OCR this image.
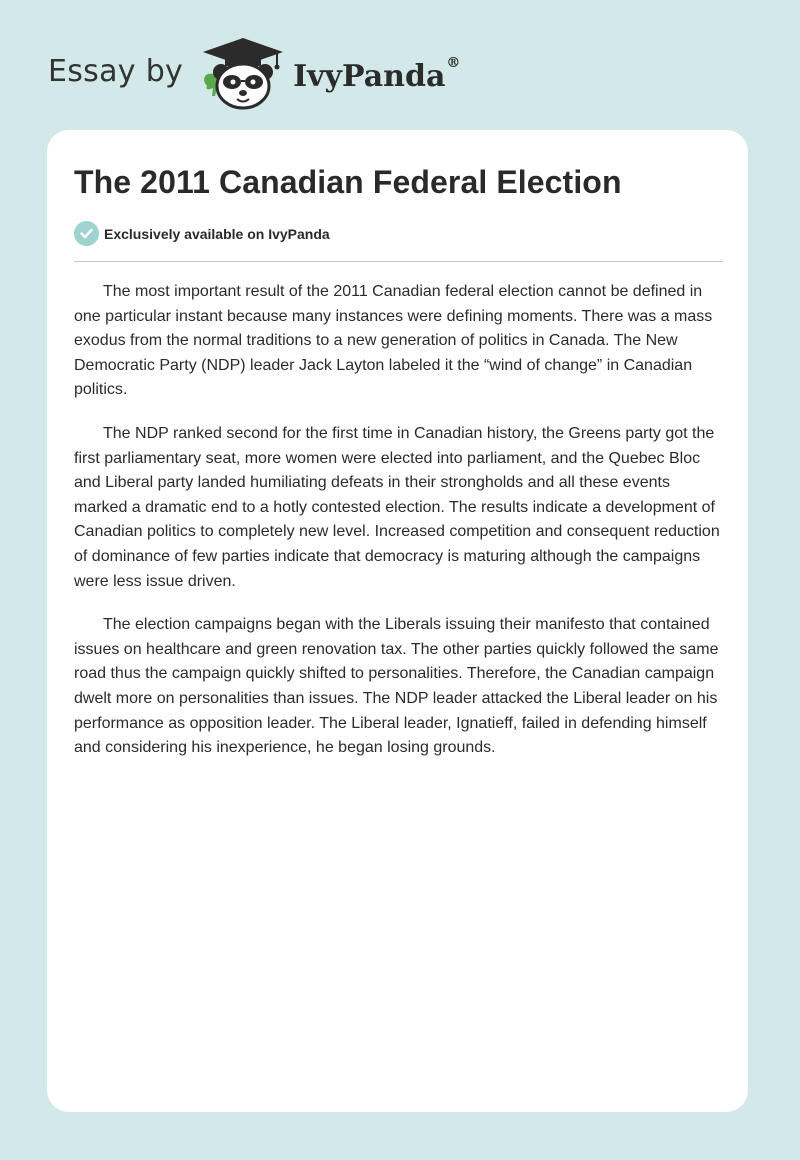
Essay by	IvyPanda®
The 2011 Canadian Federal Election
Exclusively available on IvyPanda

The most important result of the 2011 Canadian federal election cannot be defined in one particular instant because many instances were defining moments. There was a mass exodus from the normal traditions to a new generation of politics in Canada. The New Democratic Party (NDP) leader Jack Layton labeled it the “wind of change” in Canadian politics.

The NDP ranked second for the first time in Canadian history, the Greens party got the first parliamentary seat, more women were elected into parliament, and the Quebec Bloc and Liberal party landed humiliating defeats in their strongholds and all these events marked a dramatic end to a hotly contested election. The results indicate a development of Canadian politics to completely new level. Increased competition and consequent reduction of dominance of few parties indicate that democracy is maturing although the campaigns were less issue driven.

The election campaigns began with the Liberals issuing their manifesto that contained issues on healthcare and green renovation tax. The other parties quickly followed the same road thus the campaign quickly shifted to personalities. Therefore, the Canadian campaign dwelt more on personalities than issues. The NDP leader attacked the Liberal leader on his performance as opposition leader. The Liberal leader, Ignatieff, failed in defending himself and considering his inexperience, he began losing grounds.
